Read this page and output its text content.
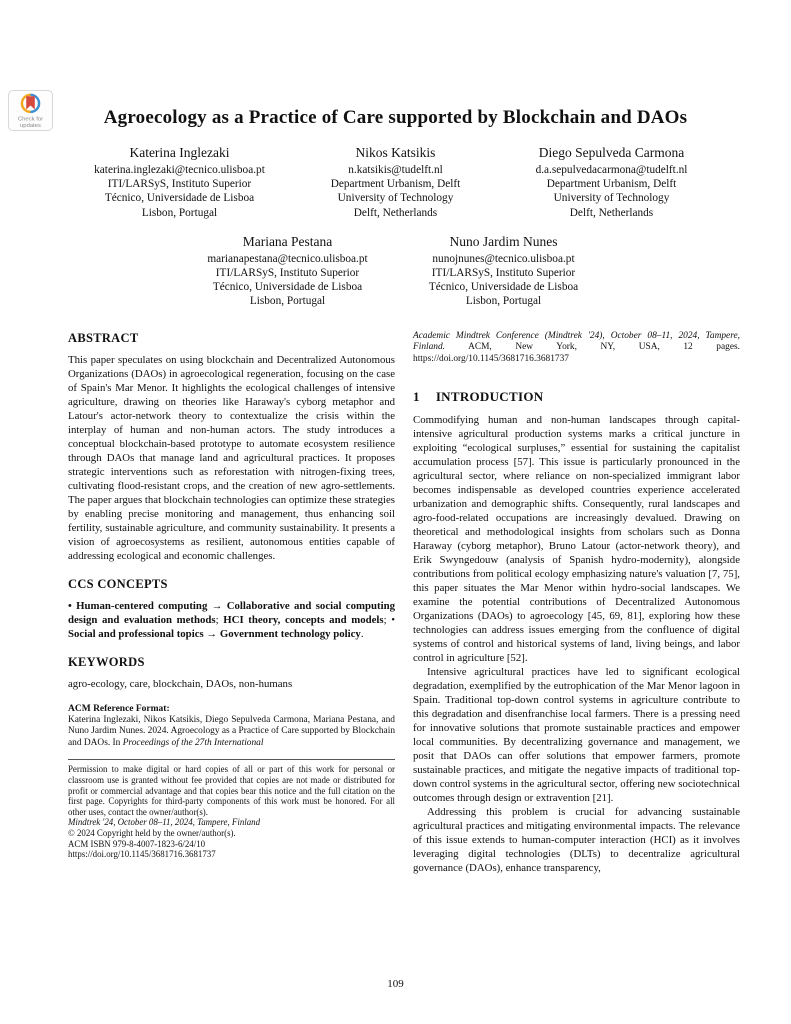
Check for
updates	Agroecology as a Practice of Care supported by Blockchain and DAOs
Katerina Inglezaki
katerina.inglezaki@tecnico.ulisboa.pt
ITI/LARSyS, Instituto Superior
Técnico, Universidade de Lisboa
Lisbon, Portugal
Nikos Katsikis
n.katsikis@tudelft.nl
Department Urbanism, Delft
University of Technology
Delft, Netherlands
Diego Sepulveda Carmona
d.a.sepulvedacarmona@tudelft.nl
Department Urbanism, Delft
University of Technology
Delft, Netherlands
Mariana Pestana
marianapestana@tecnico.ulisboa.pt
ITI/LARSyS, Instituto Superior
Técnico, Universidade de Lisboa
Lisbon, Portugal
Nuno Jardim Nunes
nunojnunes@tecnico.ulisboa.pt
ITI/LARSyS, Instituto Superior
Técnico, Universidade de Lisboa
Lisbon, Portugal
ABSTRACT

This paper speculates on using blockchain and Decentralized Autonomous Organizations (DAOs) in agroecological regeneration, focusing on the case of Spain's Mar Menor. It highlights the ecological challenges of intensive agriculture, drawing on theories like Haraway's cyborg metaphor and Latour's actor-network theory to contextualize the crisis within the interplay of human and non-human actors. The study introduces a conceptual blockchain-based prototype to automate ecosystem resilience through DAOs that manage land and agricultural practices. It proposes strategic interventions such as reforestation with nitrogen-fixing trees, cultivating flood-resistant crops, and the creation of new agro-settlements. The paper argues that blockchain technologies can optimize these strategies by enabling precise monitoring and management, thus enhancing soil fertility, sustainable agriculture, and community sustainability. It presents a vision of agroecosystems as resilient, autonomous entities capable of addressing ecological and economic challenges.

CCS CONCEPTS

• Human-centered computing → Collaborative and social computing design and evaluation methods; HCI theory, concepts and models; • Social and professional topics → Government technology policy.

KEYWORDS

agro-ecology, care, blockchain, DAOs, non-humans

ACM Reference Format:

Katerina Inglezaki, Nikos Katsikis, Diego Sepulveda Carmona, Mariana Pestana, and Nuno Jardim Nunes. 2024. Agroecology as a Practice of Care supported by Blockchain and DAOs. In Proceedings of the 27th International

Permission to make digital or hard copies of all or part of this work for personal or classroom use is granted without fee provided that copies are not made or distributed for profit or commercial advantage and that copies bear this notice and the full citation on the first page. Copyrights for third-party components of this work must be honored. For all other uses, contact the owner/author(s).
Mindtrek '24, October 08–11, 2024, Tampere, Finland
© 2024 Copyright held by the owner/author(s).
ACM ISBN 979-8-4007-1823-6/24/10
https://doi.org/10.1145/3681716.3681737

Academic Mindtrek Conference (Mindtrek '24), October 08–11, 2024, Tampere, Finland. ACM, New York, NY, USA, 12 pages. https://doi.org/10.1145/3681716.3681737

1 INTRODUCTION

Commodifying human and non-human landscapes through capital-intensive agricultural production systems marks a critical juncture in exploiting “ecological surpluses,” essential for sustaining the capitalist accumulation process [57]. This issue is particularly pronounced in the agricultural sector, where reliance on non-specialized immigrant labor becomes indispensable as developed countries experience accelerated urbanization and demographic shifts. Consequently, rural landscapes and agro-food-related occupations are increasingly devalued. Drawing on theoretical and methodological insights from scholars such as Donna Haraway (cyborg metaphor), Bruno Latour (actor-network theory), and Erik Swyngedouw (analysis of Spanish hydro-modernity), alongside contributions from political ecology emphasizing nature's valuation [7, 75], this paper situates the Mar Menor within hydro-social landscapes. We examine the potential contributions of Decentralized Autonomous Organizations (DAOs) to agroecology [45, 69, 81], exploring how these technologies can address issues emerging from the confluence of digital systems of control and historical systems of land, living beings, and labor control in agriculture [52].

Intensive agricultural practices have led to significant ecological degradation, exemplified by the eutrophication of the Mar Menor lagoon in Spain. Traditional top-down control systems in agriculture contribute to this degradation and disenfranchise local farmers. There is a pressing need for innovative solutions that promote sustainable practices and empower local communities. By decentralizing governance and management, we posit that DAOs can offer solutions that empower farmers, promote sustainable practices, and mitigate the negative impacts of traditional top-down control systems in the agricultural sector, offering new sociotechnical outcomes through design or extravention [21].

Addressing this problem is crucial for advancing sustainable agricultural practices and mitigating environmental impacts. The relevance of this issue extends to human-computer interaction (HCI) as it involves leveraging digital technologies (DLTs) to decentralize agricultural governance (DAOs), enhance transparency,

109
